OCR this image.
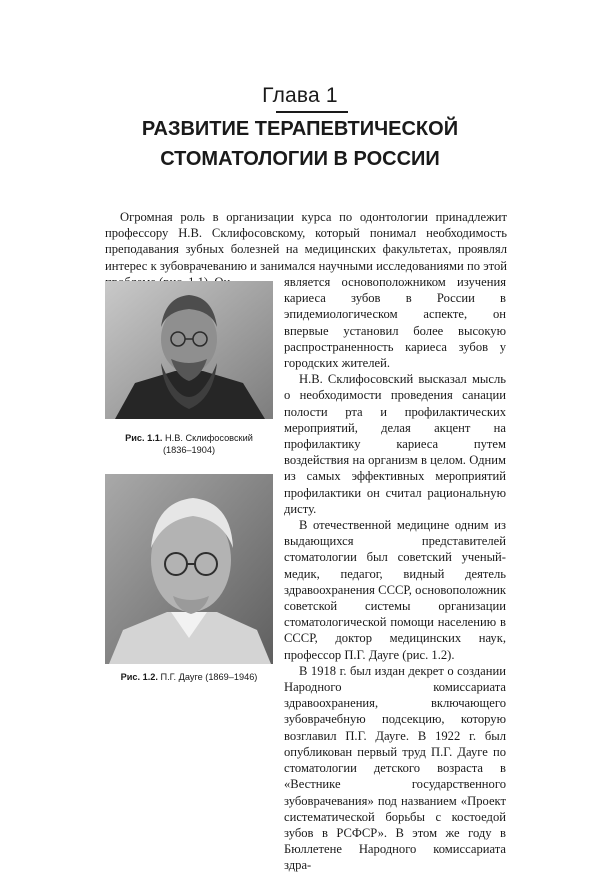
Глава 1
РАЗВИТИЕ ТЕРАПЕВТИЧЕСКОЙ
СТОМАТОЛОГИИ В РОССИИ

Огромная роль в организации курса по одонтологии принадлежит профессору Н.В. Склифосовскому, который понимал необходимость преподавания зубных болезней на медицинских факультетах, проявлял интерес к зубоврачеванию и занимался научными исследованиями по этой

Рис. 1.1. Н.В. Склифосовский
(1836–1904)
Рис. 1.2. П.Г. Дауге (1869–1946)

является основоположником изучения кариеса зубов в России в эпидемиологическом аспекте, он впервые установил более высокую распространенность кариеса зубов у городских жителей.

Н.В. Склифосовский высказал мысль о необходимости проведения санации полости рта и профилактических мероприятий, делая акцент на профилактику кариеса путем воздействия на организм в целом. Одним из самых эффективных мероприятий профилактики он считал рациональную дисту.

В отечественной медицине одним из выдающихся представителей стоматологии был советский ученый-медик, педагог, видный деятель здравоохранения СССР, основоположник советской системы организации стоматологической помощи населению в СССР, доктор медицинских наук, профессор П.Г. Дауге (рис. 1.2).

В 1918 г. был издан декрет о создании Народного комиссариата здравоохранения, включающего зубоврачебную подсекцию, которую возглавил П.Г. Дауге. В 1922 г. был опубликован первый труд П.Г. Дауге по стоматологии детского возраста в «Вестнике государственного зубоврачевания» под названием «Проект систематической борьбы с костоедой зубов в РСФСР». В этом же году в Бюллетене Народного комиссариата здра-
